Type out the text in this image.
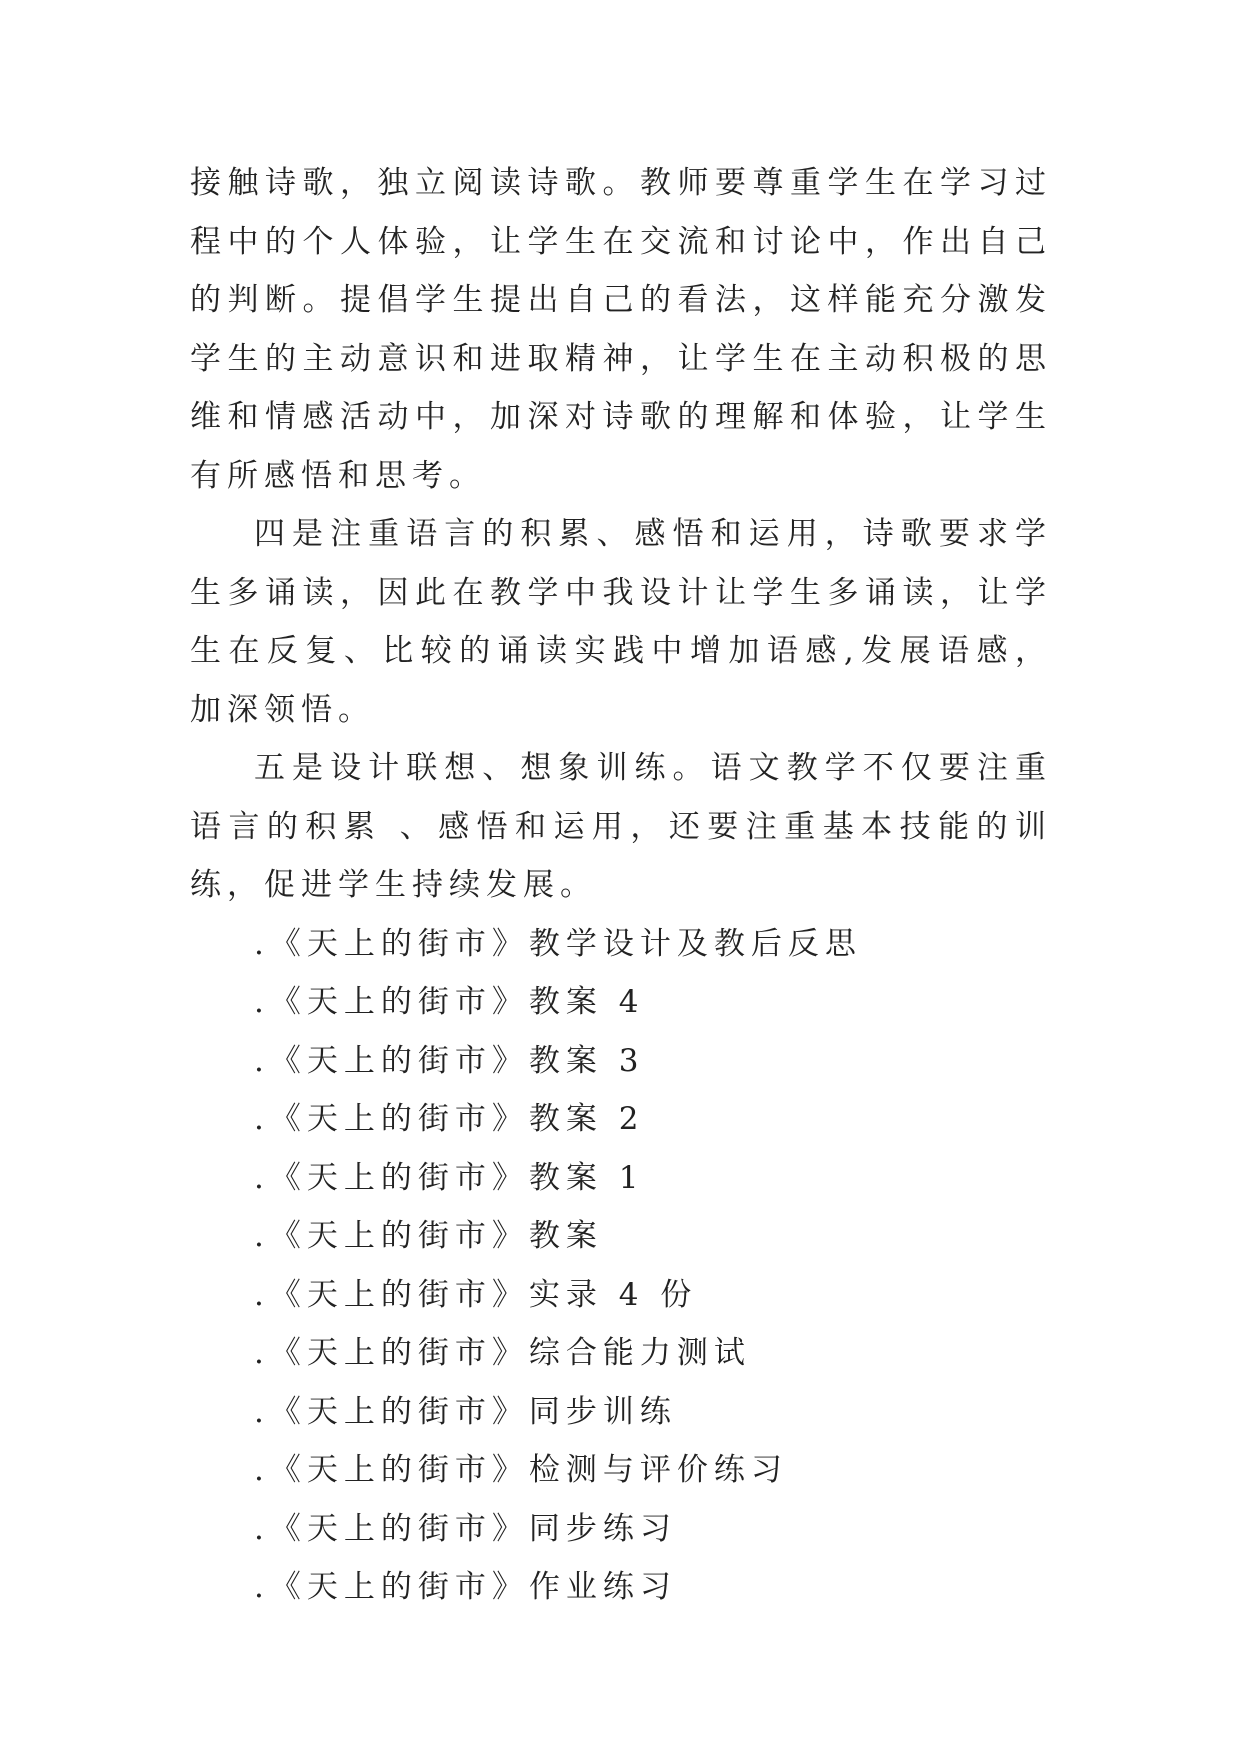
接触诗歌，独立阅读诗歌。教师要尊重学生在学习过程中的个人体验，让学生在交流和讨论中，作出自己的判断。提倡学生提出自己的看法，这样能充分激发学生的主动意识和进取精神，让学生在主动积极的思维和情感活动中，加深对诗歌的理解和体验，让学生有所感悟和思考。

四是注重语言的积累、感悟和运用，诗歌要求学生多诵读，因此在教学中我设计让学生多诵读，让学生在反复、比较的诵读实践中增加语感,发展语感，加深领悟。

五是设计联想、想象训练。语文教学不仅要注重语言的积累 、感悟和运用，还要注重基本技能的训练，促进学生持续发展。

.《天上的街市》教学设计及教后反思
.《天上的街市》教案 4
.《天上的街市》教案 3
.《天上的街市》教案 2
.《天上的街市》教案 1
.《天上的街市》教案
.《天上的街市》实录 4 份
.《天上的街市》综合能力测试
.《天上的街市》同步训练
.《天上的街市》检测与评价练习
.《天上的街市》同步练习
.《天上的街市》作业练习
